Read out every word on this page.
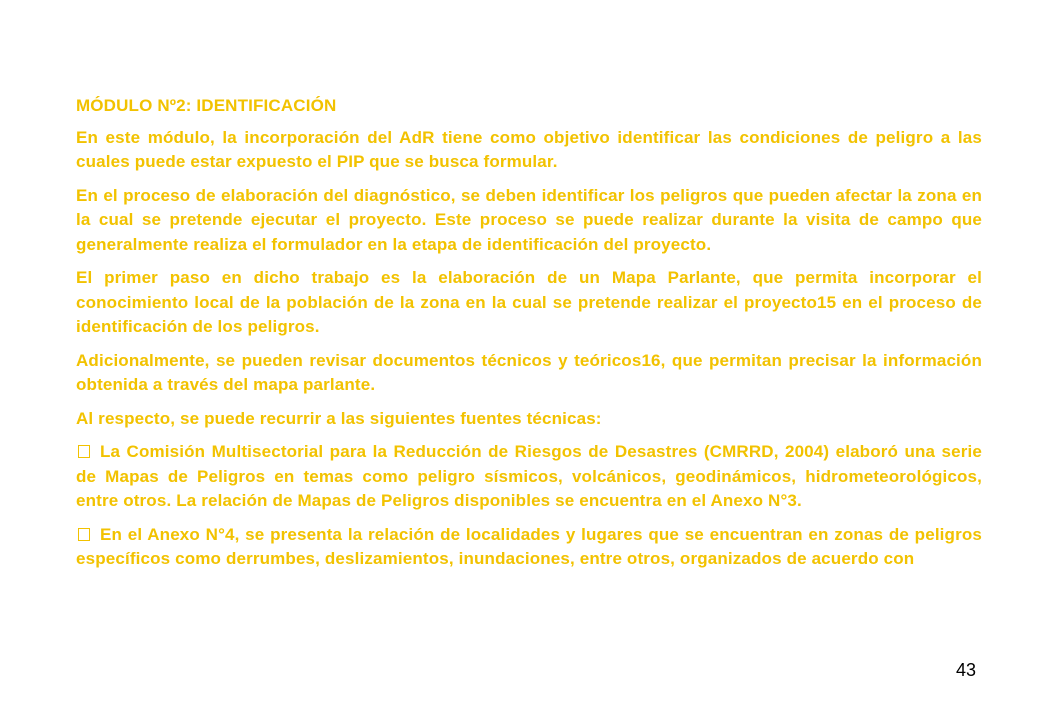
MÓDULO Nº2: IDENTIFICACIÓN

En este módulo, la incorporación del AdR tiene como objetivo identificar las condiciones de peligro a las cuales puede estar expuesto el PIP que se busca formular.

En el proceso de elaboración del diagnóstico, se deben identificar los peligros que pueden afectar la zona en la cual se pretende ejecutar el proyecto. Este proceso se puede realizar durante la visita de campo que generalmente realiza el formulador en la etapa de identificación del proyecto.

El primer paso en dicho trabajo es la elaboración de un Mapa Parlante, que permita incorporar el conocimiento local de la población de la zona en la cual se pretende realizar el proyecto15 en el proceso de identificación de los peligros.

Adicionalmente, se pueden revisar documentos técnicos y teóricos16, que permitan precisar la información obtenida a través del mapa parlante.

Al respecto, se puede recurrir a las siguientes fuentes técnicas:

La Comisión Multisectorial para la Reducción de Riesgos de Desastres (CMRRD, 2004) elaboró una serie de Mapas de Peligros en temas como peligro sísmicos, volcánicos, geodinámicos, hidrometeorológicos, entre otros. La relación de Mapas de Peligros disponibles se encuentra en el Anexo N°3.

En el Anexo N°4, se presenta la relación de localidades y lugares que se encuentran en zonas de peligros específicos como derrumbes, deslizamientos, inundaciones, entre otros, organizados de acuerdo con

43
